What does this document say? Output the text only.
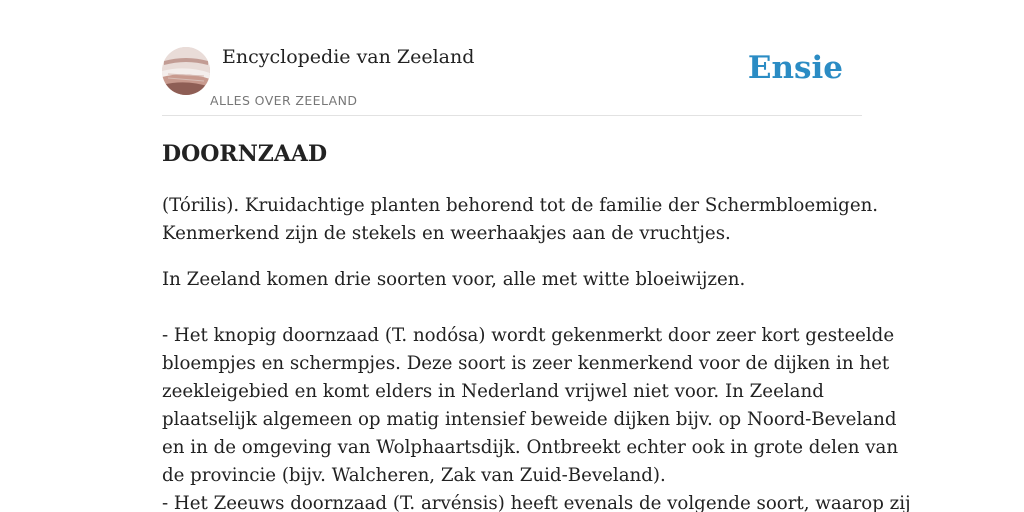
Encyclopedie van Zeeland
ALLES OVER ZEELAND
Ensie
DOORNZAAD

(Tórilis). Kruidachtige planten behorend tot de familie der Schermbloemigen.
Kenmerkend zijn de stekels en weerhaakjes aan de vruchtjes.

In Zeeland komen drie soorten voor, alle met witte bloeiwijzen.
- Het knopig doornzaad (T. nodósa) wordt gekenmerkt door zeer kort gesteelde
bloempjes en schermpjes. Deze soort is zeer kenmerkend voor de dijken in het
zeekleigebied en komt elders in Nederland vrijwel niet voor. In Zeeland
plaatselijk algemeen op matig intensief beweide dijken bijv. op Noord-Beveland
en in de omgeving van Wolphaartsdijk. Ontbreekt echter ook in grote delen van
de provincie (bijv. Walcheren, Zak van Zuid-Beveland).
- Het Zeeuws doornzaad (T. arvénsis) heeft evenals de volgende soort, waarop zij
